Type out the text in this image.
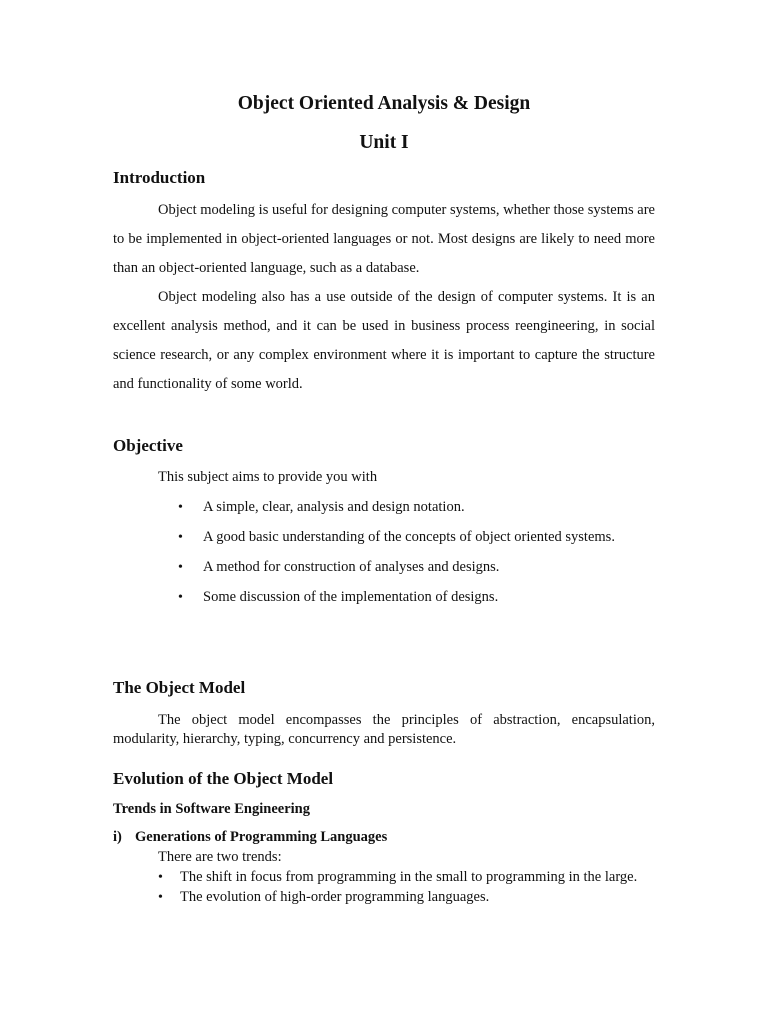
Object Oriented Analysis & Design
Unit I
Introduction

Object modeling is useful for designing computer systems, whether those systems are to be implemented in object-oriented languages or not. Most designs are likely to need more than an object-oriented language, such as a database.

Object modeling also has a use outside of the design of computer systems. It is an excellent analysis method, and it can be used in business process reengineering, in social science research, or any complex environment where it is important to capture the structure and functionality of some world.

Objective

This subject aims to provide you with

• A simple, clear, analysis and design notation.
• A good basic understanding of the concepts of object oriented systems.
• A method for construction of analyses and designs.
• Some discussion of the implementation of designs.
The Object Model

The object model encompasses the principles of abstraction, encapsulation, modularity, hierarchy, typing, concurrency and persistence.

Evolution of the Object Model
Trends in Software Engineering
i) Generations of Programming Languages

There are two trends:

• The shift in focus from programming in the small to programming in the large.
• The evolution of high-order programming languages.
